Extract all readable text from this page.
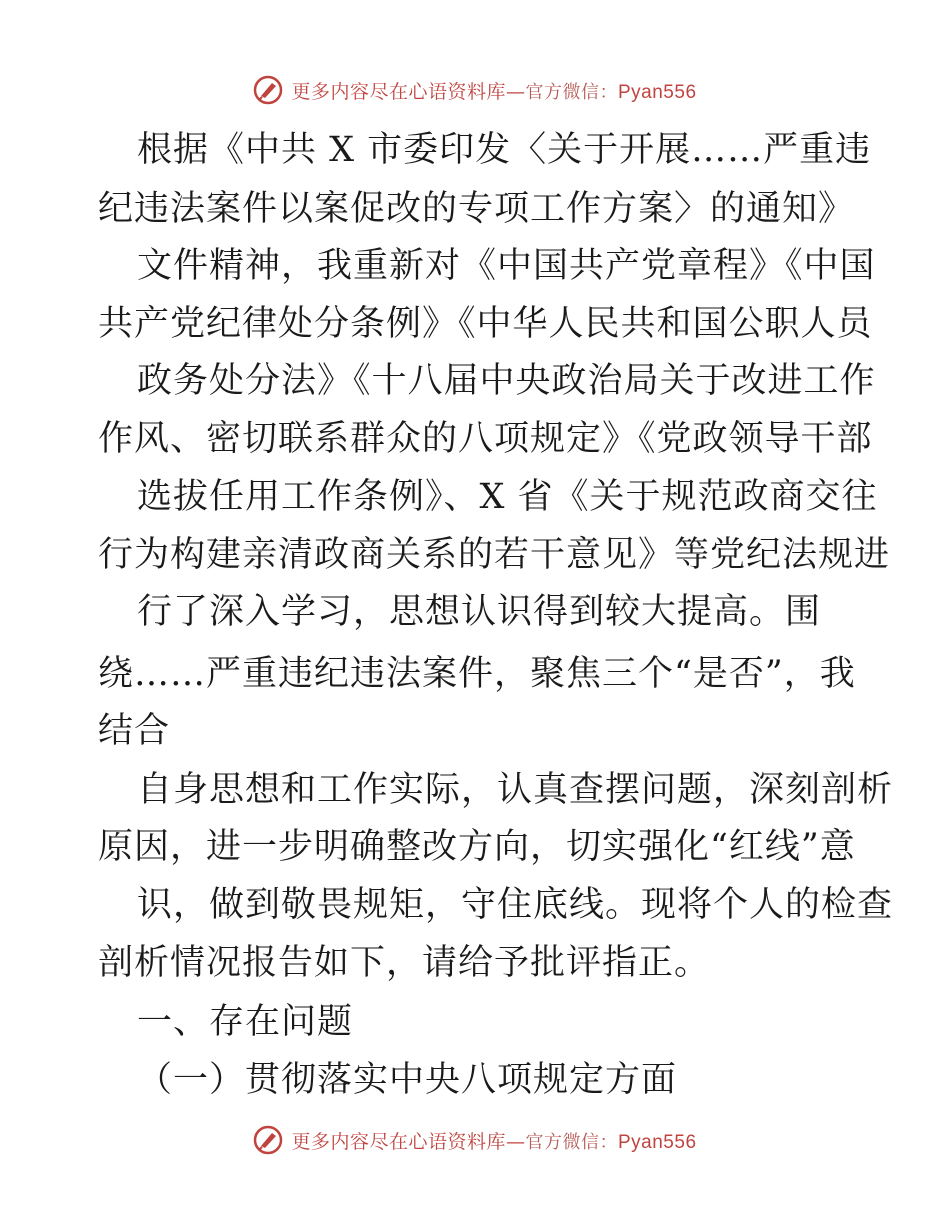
更多内容尽在心语资料库—官方微信：Pyan556
根据《中共 X 市委印发〈关于开展……严重违
纪违法案件以案促改的专项工作方案〉的通知》
文件精神，我重新对《中国共产党章程》《中国
共产党纪律处分条例》《中华人民共和国公职人员
政务处分法》《十八届中央政治局关于改进工作
作风、密切联系群众的八项规定》《党政领导干部
选拔任用工作条例》、X 省《关于规范政商交往
行为构建亲清政商关系的若干意见》等党纪法规进
行了深入学习，思想认识得到较大提高。围
绕……严重违纪违法案件，聚焦三个“是否”，我
结合
自身思想和工作实际，认真查摆问题，深刻剖析
原因，进一步明确整改方向，切实强化“红线”意
识，做到敬畏规矩，守住底线。现将个人的检查
剖析情况报告如下，请给予批评指正。
一、存在问题
（一）贯彻落实中央八项规定方面
更多内容尽在心语资料库—官方微信：Pyan556
